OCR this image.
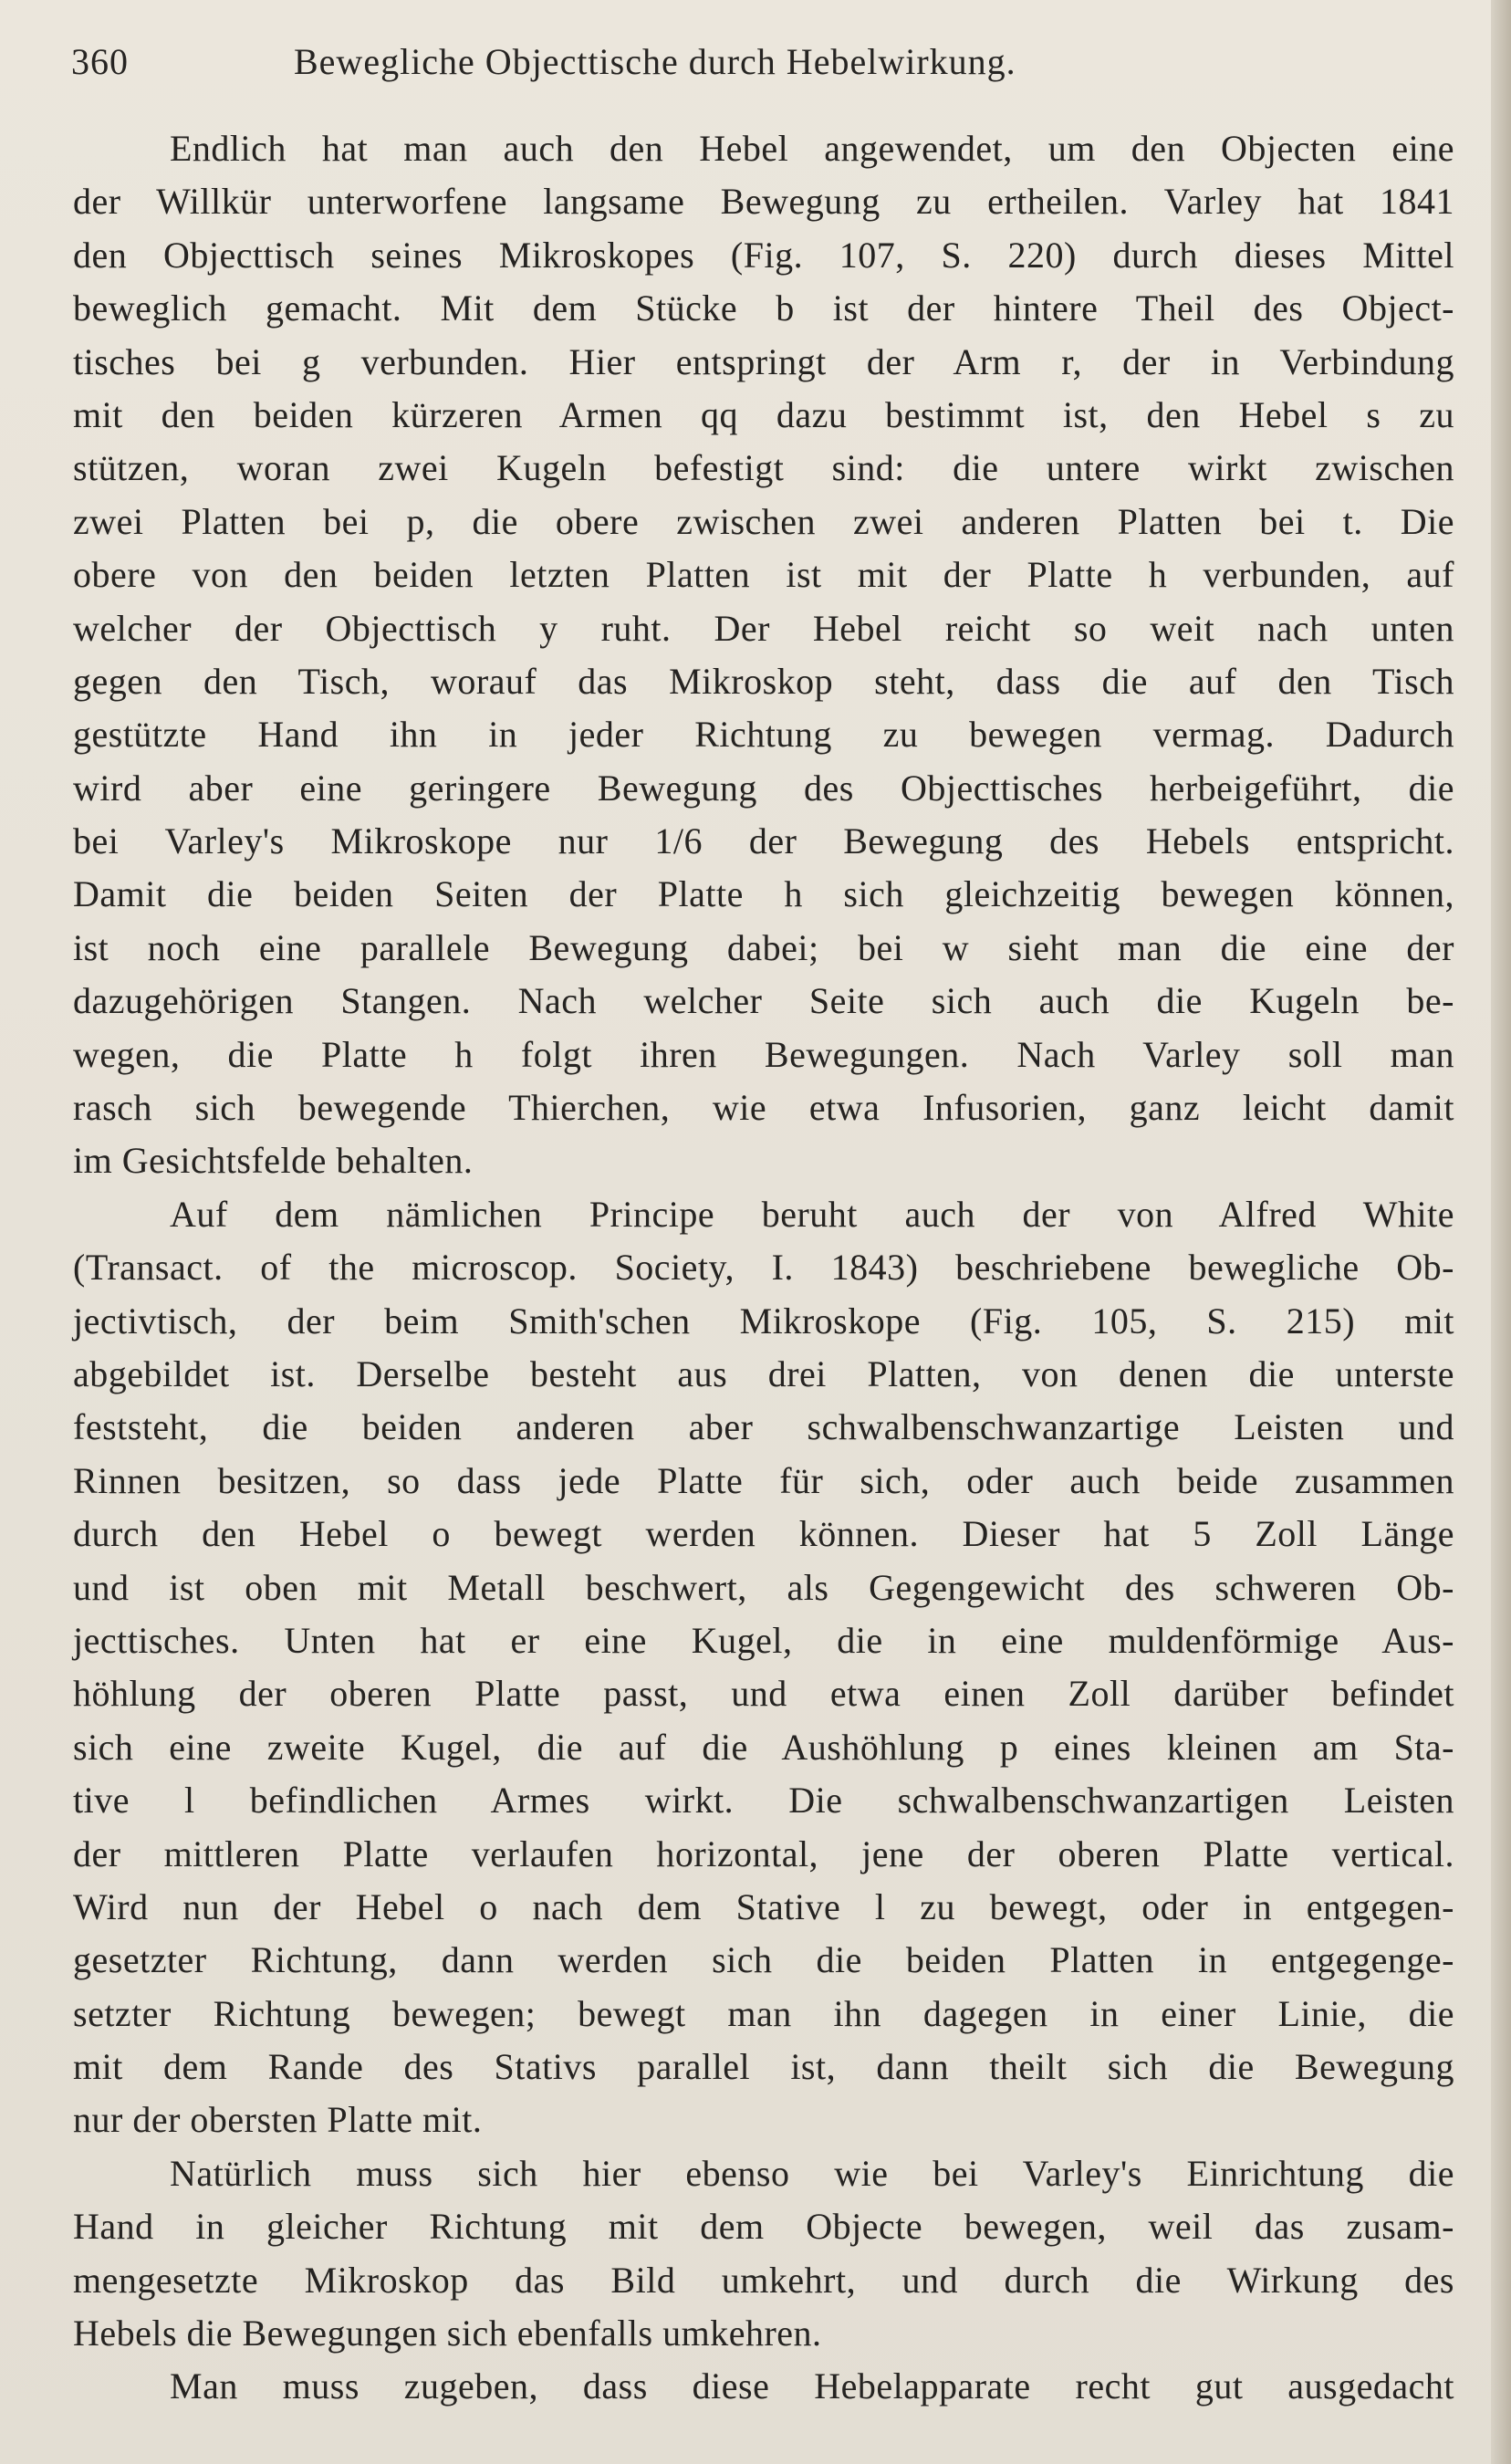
360	Bewegliche Objecttische durch Hebelwirkung.
Endlich hat man auch den Hebel angewendet, um den Objecten eine
der Willkür unterworfene langsame Bewegung zu ertheilen. Varley hat 1841
den Objecttisch seines Mikroskopes (Fig. 107, S. 220) durch dieses Mittel
beweglich gemacht. Mit dem Stücke b ist der hintere Theil des Object-
tisches bei g verbunden. Hier entspringt der Arm r, der in Verbindung
mit den beiden kürzeren Armen qq dazu bestimmt ist, den Hebel s zu
stützen, woran zwei Kugeln befestigt sind: die untere wirkt zwischen
zwei Platten bei p, die obere zwischen zwei anderen Platten bei t. Die
obere von den beiden letzten Platten ist mit der Platte h verbunden, auf
welcher der Objecttisch y ruht. Der Hebel reicht so weit nach unten
gegen den Tisch, worauf das Mikroskop steht, dass die auf den Tisch
gestützte Hand ihn in jeder Richtung zu bewegen vermag. Dadurch
wird aber eine geringere Bewegung des Objecttisches herbeigeführt, die
bei Varley's Mikroskope nur 1/6 der Bewegung des Hebels entspricht.
Damit die beiden Seiten der Platte h sich gleichzeitig bewegen können,
ist noch eine parallele Bewegung dabei; bei w sieht man die eine der
dazugehörigen Stangen. Nach welcher Seite sich auch die Kugeln be-
wegen, die Platte h folgt ihren Bewegungen. Nach Varley soll man
rasch sich bewegende Thierchen, wie etwa Infusorien, ganz leicht damit
im Gesichtsfelde behalten.
Auf dem nämlichen Principe beruht auch der von Alfred White
(Transact. of the microscop. Society, I. 1843) beschriebene bewegliche Ob-
jectivtisch, der beim Smith'schen Mikroskope (Fig. 105, S. 215) mit
abgebildet ist. Derselbe besteht aus drei Platten, von denen die unterste
feststeht, die beiden anderen aber schwalbenschwanzartige Leisten und
Rinnen besitzen, so dass jede Platte für sich, oder auch beide zusammen
durch den Hebel o bewegt werden können. Dieser hat 5 Zoll Länge
und ist oben mit Metall beschwert, als Gegengewicht des schweren Ob-
jecttisches. Unten hat er eine Kugel, die in eine muldenförmige Aus-
höhlung der oberen Platte passt, und etwa einen Zoll darüber befindet
sich eine zweite Kugel, die auf die Aushöhlung p eines kleinen am Sta-
tive l befindlichen Armes wirkt. Die schwalbenschwanzartigen Leisten
der mittleren Platte verlaufen horizontal, jene der oberen Platte vertical.
Wird nun der Hebel o nach dem Stative l zu bewegt, oder in entgegen-
gesetzter Richtung, dann werden sich die beiden Platten in entgegenge-
setzter Richtung bewegen; bewegt man ihn dagegen in einer Linie, die
mit dem Rande des Stativs parallel ist, dann theilt sich die Bewegung
nur der obersten Platte mit.
Natürlich muss sich hier ebenso wie bei Varley's Einrichtung die
Hand in gleicher Richtung mit dem Objecte bewegen, weil das zusam-
mengesetzte Mikroskop das Bild umkehrt, und durch die Wirkung des
Hebels die Bewegungen sich ebenfalls umkehren.
Man muss zugeben, dass diese Hebelapparate recht gut ausgedacht
